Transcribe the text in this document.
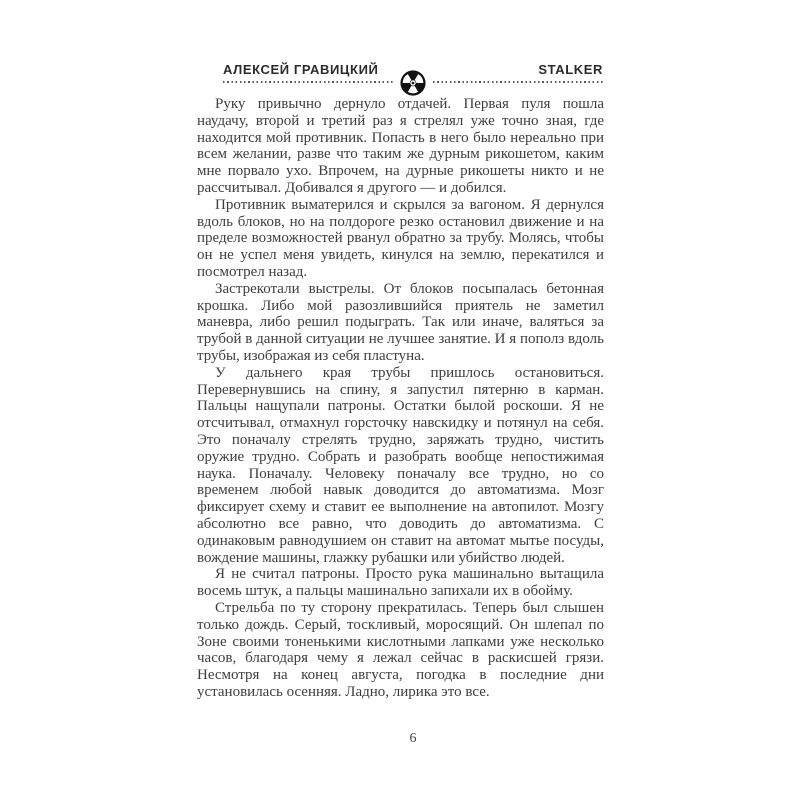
АЛЕКСЕЙ ГРАВИЦКИЙ	STALKER

Руку привычно дернуло отдачей. Первая пуля пошла наудачу, второй и третий раз я стрелял уже точно зная, где находится мой противник. Попасть в него было нереально при всем желании, разве что таким же дурным рикошетом, каким мне порвало ухо. Впрочем, на дурные рикошеты никто и не рассчитывал. Добивался я другого — и добился.

Противник выматерился и скрылся за вагоном. Я дернулся вдоль блоков, но на полдороге резко остановил движение и на пределе возможностей рванул обратно за трубу. Молясь, чтобы он не успел меня увидеть, кинулся на землю, перекатился и посмотрел назад.

Застрекотали выстрелы. От блоков посыпалась бетонная крошка. Либо мой разозлившийся приятель не заметил маневра, либо решил подыграть. Так или иначе, валяться за трубой в данной ситуации не лучшее занятие. И я пополз вдоль трубы, изображая из себя пластуна.

У дальнего края трубы пришлось остановиться. Перевернувшись на спину, я запустил пятерню в карман. Пальцы нащупали патроны. Остатки былой роскоши. Я не отсчитывал, отмахнул горсточку навскидку и потянул на себя. Это поначалу стрелять трудно, заряжать трудно, чистить оружие трудно. Собрать и разобрать вообще непостижимая наука. Поначалу. Человеку поначалу все трудно, но со временем любой навык доводится до автоматизма. Мозг фиксирует схему и ставит ее выполнение на автопилот. Мозгу абсолютно все равно, что доводить до автоматизма. С одинаковым равнодушием он ставит на автомат мытье посуды, вождение машины, глажку рубашки или убийство людей.

Я не считал патроны. Просто рука машинально вытащила восемь штук, а пальцы машинально запихали их в обойму.

Стрельба по ту сторону прекратилась. Теперь был слышен только дождь. Серый, тоскливый, моросящий. Он шлепал по Зоне своими тоненькими кислотными лапками уже несколько часов, благодаря чему я лежал сейчас в раскисшей грязи. Несмотря на конец августа, погодка в последние дни установилась осенняя. Ладно, лирика это все.

6
